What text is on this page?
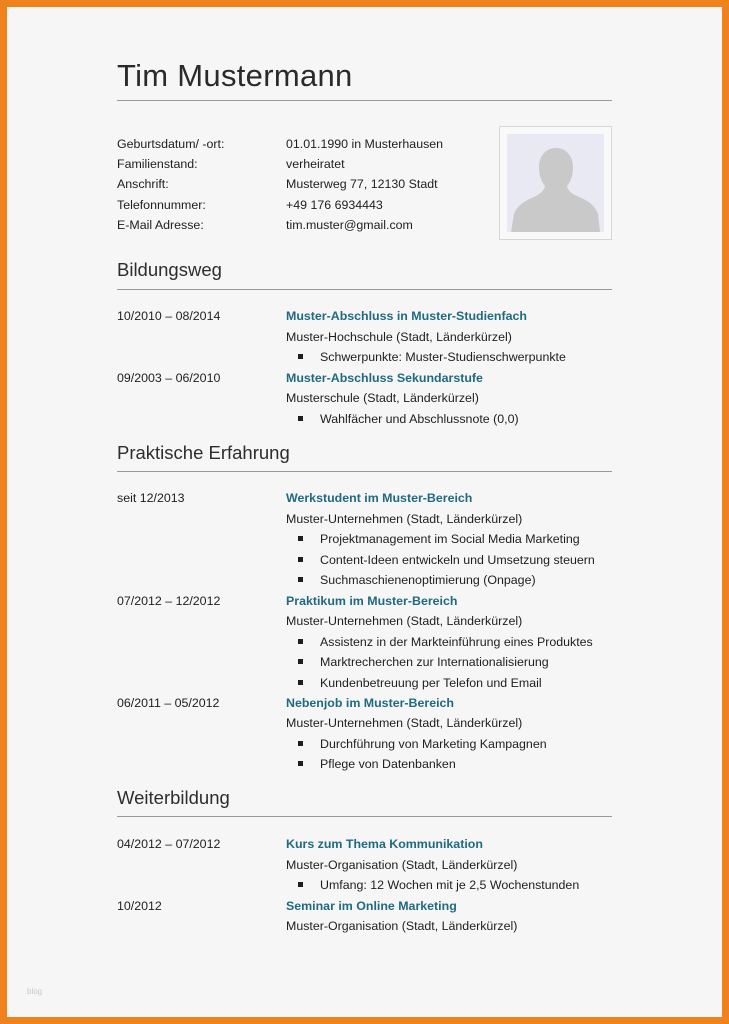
Tim Mustermann
Geburtsdatum/ -ort:	01.01.1990 in Musterhausen
Familienstand:	verheiratet
Anschrift:	Musterweg 77, 12130 Stadt
Telefonnummer:	+49 176 6934443
E-Mail Adresse:	tim.muster@gmail.com
Bildungsweg
10/2010 – 08/2014	Muster-Abschluss in Muster-Studienfach
Muster-Hochschule (Stadt, Länderkürzel)
Schwerpunkte: Muster-Studienschwerpunkte
09/2003 – 06/2010	Muster-Abschluss Sekundarstufe
Musterschule (Stadt, Länderkürzel)
Wahlfächer und Abschlussnote (0,0)
Praktische Erfahrung
seit 12/2013	Werkstudent im Muster-Bereich
Muster-Unternehmen (Stadt, Länderkürzel)
Projektmanagement im Social Media Marketing
Content-Ideen entwickeln und Umsetzung steuern
Suchmaschienenoptimierung (Onpage)
07/2012 – 12/2012	Praktikum im Muster-Bereich
Muster-Unternehmen (Stadt, Länderkürzel)
Assistenz in der Markteinführung eines Produktes
Marktrecherchen zur Internationalisierung
Kundenbetreuung per Telefon und Email
06/2011 – 05/2012	Nebenjob im Muster-Bereich
Muster-Unternehmen (Stadt, Länderkürzel)
Durchführung von Marketing Kampagnen
Pflege von Datenbanken
Weiterbildung
04/2012 – 07/2012	Kurs zum Thema Kommunikation
Muster-Organisation (Stadt, Länderkürzel)
Umfang: 12 Wochen mit je 2,5 Wochenstunden
10/2012	Seminar im Online Marketing
Muster-Organisation (Stadt, Länderkürzel)
blog
